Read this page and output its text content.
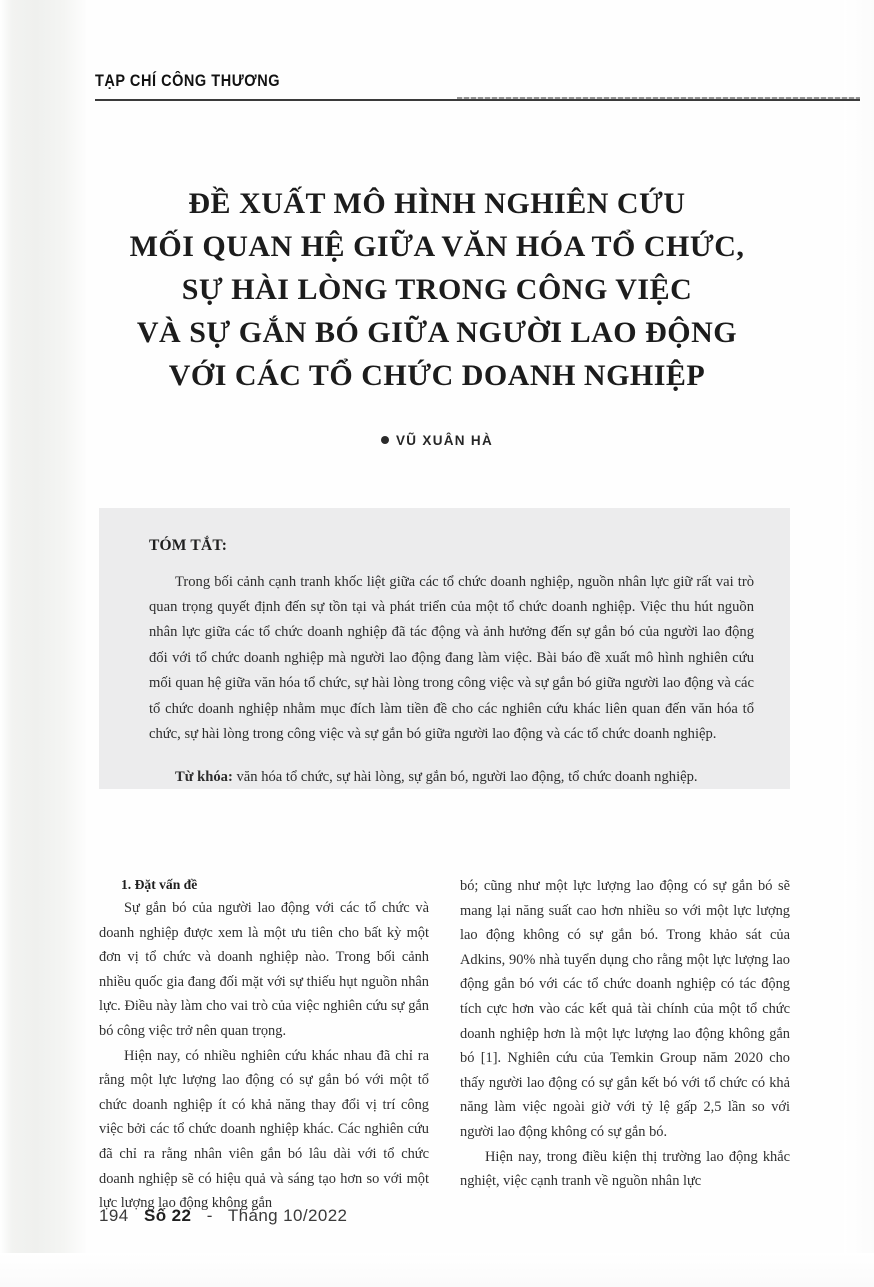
TẠP CHÍ CÔNG THƯƠNG
ĐỀ XUẤT MÔ HÌNH NGHIÊN CỨU
MỐI QUAN HỆ GIỮA VĂN HÓA TỔ CHỨC,
SỰ HÀI LÒNG TRONG CÔNG VIỆC
VÀ SỰ GẮN BÓ GIỮA NGƯỜI LAO ĐỘNG
VỚI CÁC TỔ CHỨC DOANH NGHIỆP
VŨ XUÂN HÀ
TÓM TẮT:

Trong bối cảnh cạnh tranh khốc liệt giữa các tổ chức doanh nghiệp, nguồn nhân lực giữ rất vai trò quan trọng quyết định đến sự tồn tại và phát triển của một tổ chức doanh nghiệp. Việc thu hút nguồn nhân lực giữa các tổ chức doanh nghiệp đã tác động và ảnh hưởng đến sự gắn bó của người lao động đối với tổ chức doanh nghiệp mà người lao động đang làm việc. Bài báo đề xuất mô hình nghiên cứu mối quan hệ giữa văn hóa tổ chức, sự hài lòng trong công việc và sự gắn bó giữa người lao động và các tổ chức doanh nghiệp nhằm mục đích làm tiền đề cho các nghiên cứu khác liên quan đến văn hóa tổ chức, sự hài lòng trong công việc và sự gắn bó giữa người lao động và các tổ chức doanh nghiệp.

Từ khóa: văn hóa tổ chức, sự hài lòng, sự gắn bó, người lao động, tổ chức doanh nghiệp.

1. Đặt vấn đề

Sự gắn bó của người lao động với các tổ chức và doanh nghiệp được xem là một ưu tiên cho bất kỳ một đơn vị tổ chức và doanh nghiệp nào. Trong bối cảnh nhiều quốc gia đang đối mặt với sự thiếu hụt nguồn nhân lực. Điều này làm cho vai trò của việc nghiên cứu sự gắn bó công việc trở nên quan trọng.

Hiện nay, có nhiều nghiên cứu khác nhau đã chỉ ra rằng một lực lượng lao động có sự gắn bó với một tổ chức doanh nghiệp ít có khả năng thay đổi vị trí công việc bởi các tổ chức doanh nghiệp khác. Các nghiên cứu đã chỉ ra rằng nhân viên gắn bó lâu dài với tổ chức doanh nghiệp sẽ có hiệu quả và sáng tạo hơn so với một lực lượng lao động không gắn

bó; cũng như một lực lượng lao động có sự gắn bó sẽ mang lại năng suất cao hơn nhiều so với một lực lượng lao động không có sự gắn bó. Trong khảo sát của Adkins, 90% nhà tuyển dụng cho rằng một lực lượng lao động gắn bó với các tổ chức doanh nghiệp có tác động tích cực hơn vào các kết quả tài chính của một tổ chức doanh nghiệp hơn là một lực lượng lao động không gắn bó [1]. Nghiên cứu của Temkin Group năm 2020 cho thấy người lao động có sự gắn kết bó với tổ chức có khả năng làm việc ngoài giờ với tỷ lệ gấp 2,5 lần so với người lao động không có sự gắn bó.

Hiện nay, trong điều kiện thị trường lao động khắc nghiệt, việc cạnh tranh về nguồn nhân lực

194 Số 22 - Tháng 10/2022
